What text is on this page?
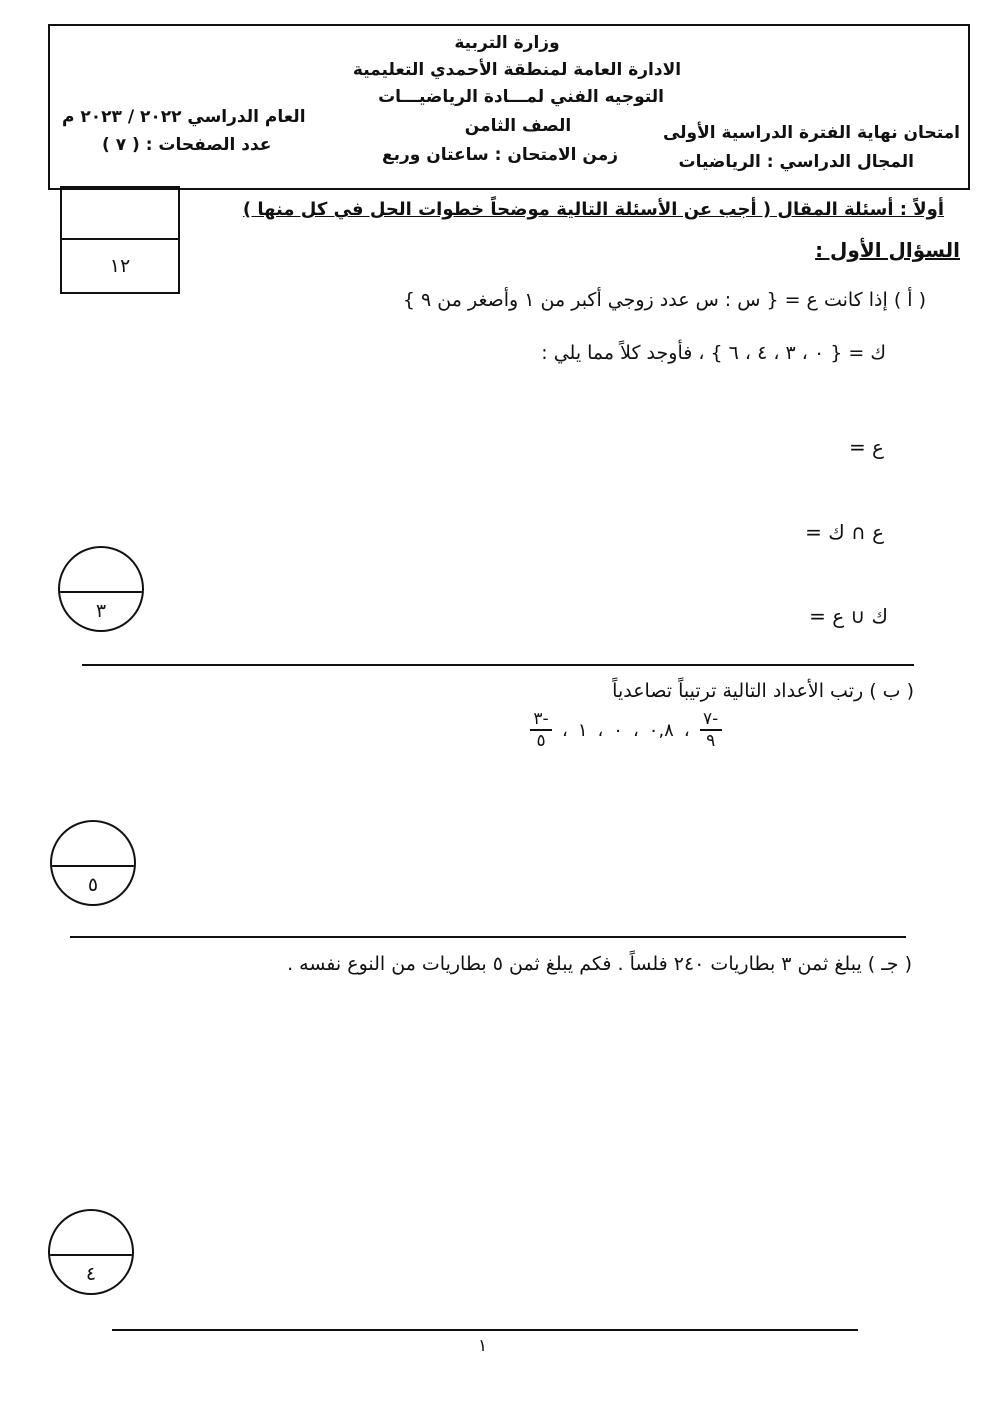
وزارة التربية
الادارة العامة لمنطقة الأحمدي التعليمية
التوجيه الفني لمـــادة الرياضيـــات
امتحان نهاية الفترة الدراسية الأولى
الصف الثامن
العام الدراسي ٢٠٢٢ / ٢٠٢٣ م
المجال الدراسي : الرياضيات
زمن الامتحان : ساعتان وربع
عدد الصفحات : ( ٧ )
١٢
أولاً : أسئلة المقال ( أجب عن الأسئلة التالية موضحاً خطوات الحل في كل منها )
السؤال الأول :
( أ ) إذا كانت ع = { س : س عدد زوجي أكبر من ١ وأصغر من ٩ }
ك = { ٠ ، ٣ ، ٤ ، ٦ } ، فأوجد كلاً مما يلي :
ع =
ع ∩ ك =
ك ∪ ع =
٣
( ب ) رتب الأعداد التالية ترتيباً تصاعدياً
$\frac{-٧}{٩}$
،
٠,٨
،
٠
،
١
،
$\frac{-٣}{٥}$
٥
( جـ ) يبلغ ثمن ٣ بطاريات ٢٤٠ فلساً . فكم يبلغ ثمن ٥ بطاريات من النوع نفسه .
٤
١
